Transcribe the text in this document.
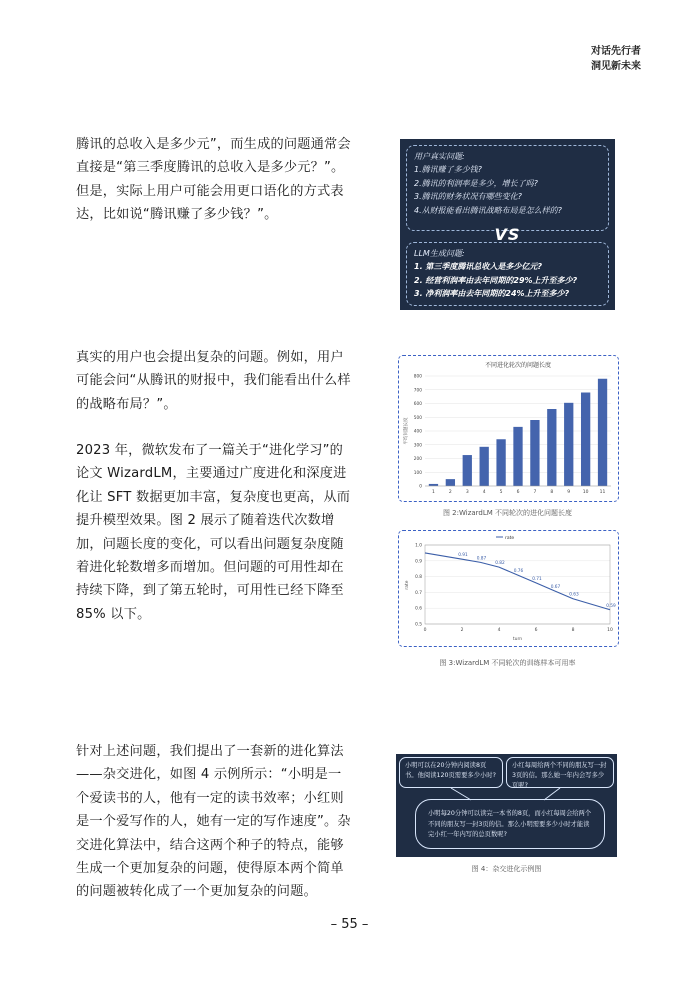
对话先行者
洞见新未来

腾讯的总收入是多少元”，而生成的问题通常会直接是“第三季度腾讯的总收入是多少元？”。但是，实际上用户可能会用更口语化的方式表达，比如说“腾讯赚了多少钱？”。

真实的用户也会提出复杂的问题。例如，用户可能会问“从腾讯的财报中，我们能看出什么样的战略布局？”。

2023 年，微软发布了一篇关于“进化学习”的论文 WizardLM，主要通过广度进化和深度进化让 SFT 数据更加丰富，复杂度也更高，从而提升模型效果。图 2 展示了随着迭代次数增加，问题长度的变化，可以看出问题复杂度随着进化轮数增多而增加。但问题的可用性却在持续下降，到了第五轮时，可用性已经下降至 85% 以下。

针对上述问题，我们提出了一套新的进化算法——杂交进化，如图 4 示例所示：“小明是一个爱读书的人，他有一定的读书效率；小红则是一个爱写作的人，她有一定的写作速度”。杂交进化算法中，结合这两个种子的特点，能够生成一个更加复杂的问题，使得原本两个简单的问题被转化成了一个更加复杂的问题。

用户真实问题:
1.腾讯赚了多少钱?
2.腾讯的利润率是多少，增长了吗?
3.腾讯的财务状况有哪些变化?
4.从财报能看出腾讯战略布局是怎么样的?
VS
LLM生成问题:
1. 第三季度腾讯总收入是多少亿元?
2. 经营利润率由去年同期的29%上升至多少?
3. 净利润率由去年同期的24%上升至多少?
不同进化轮次的问题长度
平均问题长度
0
100
200
300
400
500
600
700
800
1	2	3	4	5	6	7	8	9	10 11
图 2:WizardLM 不同轮次的进化问题长度
rate
rate
turn
0.5
0.6
0.7
0.8
0.9
1.0
0	2	4	6	8	10
0.91
0.87
0.82
0.76
0.71
0.67
0.63
0.59
图 3:WizardLM 不同轮次的训练样本可用率
小明可以在20分钟内阅读8页书。他阅读120页需要多少小时?
小红每周给两个不同的朋友写一封3页的信。那么她一年内会写多少页呢?
小明每20分钟可以读完一本书的8页，而小红每周会给两个不同的朋友写一封3页的信。那么小明需要多少小时才能读完小红一年内写的总页数呢?
图 4：杂交进化示例图
– 55 –
